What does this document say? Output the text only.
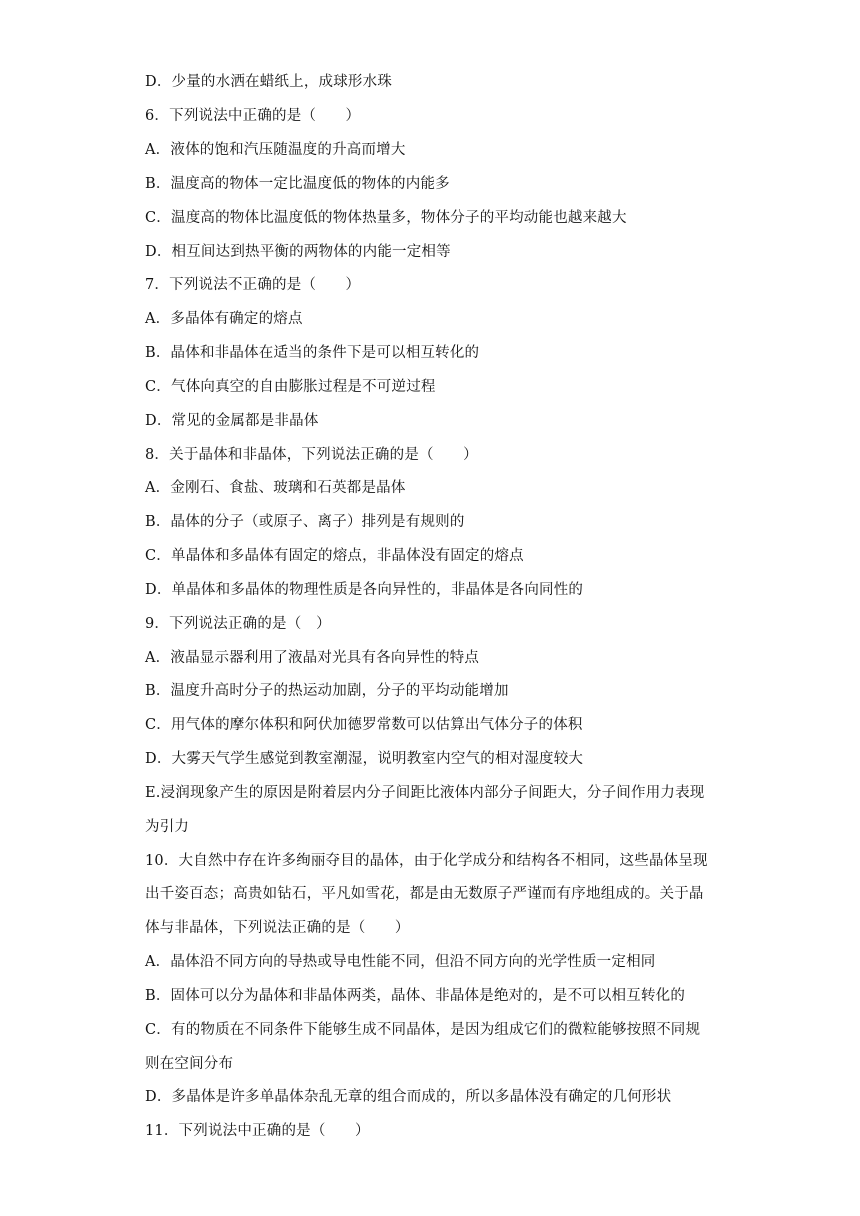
D．少量的水洒在蜡纸上，成球形水珠
6．下列说法中正确的是（　　）
A．液体的饱和汽压随温度的升高而增大
B．温度高的物体一定比温度低的物体的内能多
C．温度高的物体比温度低的物体热量多，物体分子的平均动能也越来越大
D．相互间达到热平衡的两物体的内能一定相等
7．下列说法不正确的是（　　）
A．多晶体有确定的熔点
B．晶体和非晶体在适当的条件下是可以相互转化的
C．气体向真空的自由膨胀过程是不可逆过程
D．常见的金属都是非晶体
8．关于晶体和非晶体，下列说法正确的是（　　）
A．金刚石、食盐、玻璃和石英都是晶体
B．晶体的分子（或原子、离子）排列是有规则的
C．单晶体和多晶体有固定的熔点，非晶体没有固定的熔点
D．单晶体和多晶体的物理性质是各向异性的，非晶体是各向同性的
9．下列说法正确的是（　）
A．液晶显示器利用了液晶对光具有各向异性的特点
B．温度升高时分子的热运动加剧，分子的平均动能增加
C．用气体的摩尔体积和阿伏加德罗常数可以估算出气体分子的体积
D．大雾天气学生感觉到教室潮湿，说明教室内空气的相对湿度较大
E.浸润现象产生的原因是附着层内分子间距比液体内部分子间距大，分子间作用力表现
为引力
10．大自然中存在许多绚丽夺目的晶体，由于化学成分和结构各不相同，这些晶体呈现
出千姿百态；高贵如钻石，平凡如雪花，都是由无数原子严谨而有序地组成的。关于晶
体与非晶体，下列说法正确的是（　　）
A．晶体沿不同方向的导热或导电性能不同，但沿不同方向的光学性质一定相同
B．固体可以分为晶体和非晶体两类，晶体、非晶体是绝对的，是不可以相互转化的
C．有的物质在不同条件下能够生成不同晶体，是因为组成它们的微粒能够按照不同规
则在空间分布
D．多晶体是许多单晶体杂乱无章的组合而成的，所以多晶体没有确定的几何形状
11．下列说法中正确的是（　　）
